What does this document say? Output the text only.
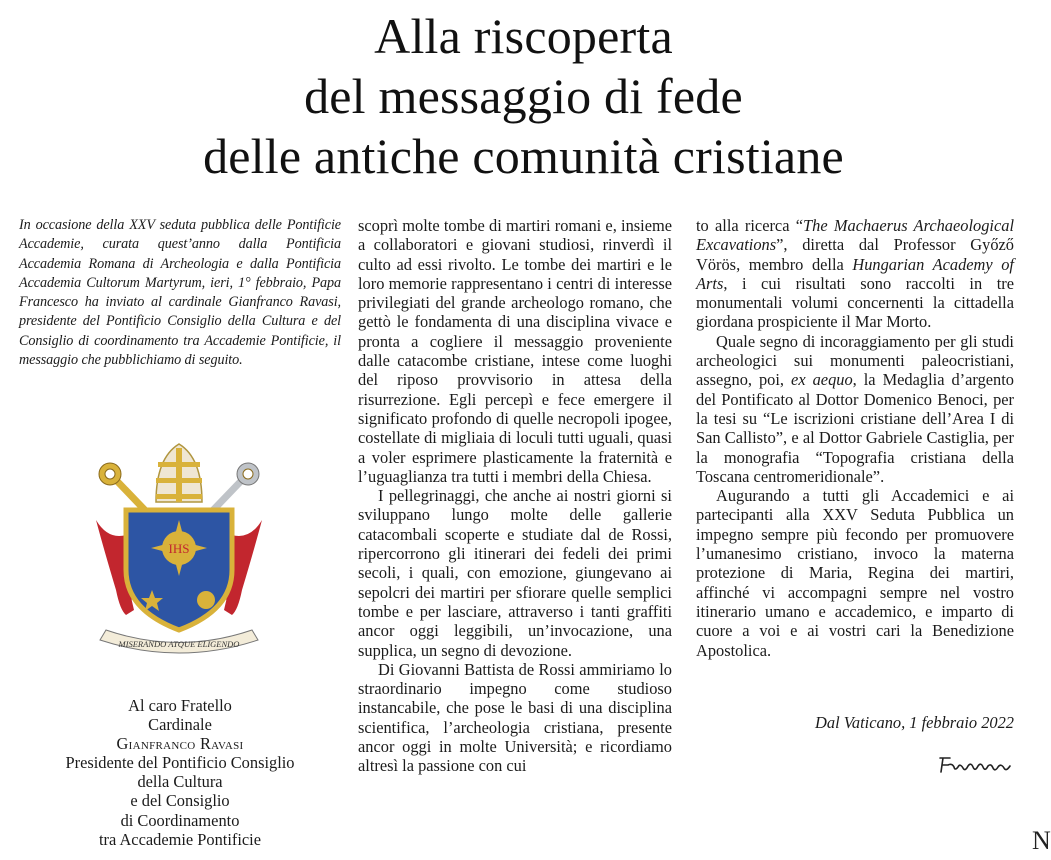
Alla riscoperta
del messaggio di fede
delle antiche comunità cristiane

In occasione della XXV seduta pubblica delle Pontificie Accademie, curata quest’anno dalla Pontificia Accademia Romana di Archeologia e dalla Pontificia Accademia Cultorum Martyrum, ieri, 1° febbraio, Papa Francesco ha inviato al cardinale Gianfranco Ravasi, presidente del Pontificio Consiglio della Cultura e del Consiglio di coordinamento tra Accademie Pontificie, il messaggio che pubblichiamo di seguito.

IHS
MISERANDO ATQUE ELIGENDO
Al caro Fratello
Cardinale
Gianfranco Ravasi
Presidente del Pontificio Consiglio
della Cultura
e del Consiglio
di Coordinamento
tra Accademie Pontificie

scoprì molte tombe di martiri romani e, insieme a collaboratori e giovani studiosi, rinverdì il culto ad essi rivolto. Le tombe dei martiri e le loro memorie rappresentano i centri di interesse privilegiati del grande archeologo romano, che gettò le fondamenta di una disciplina vivace e pronta a cogliere il messaggio proveniente dalle catacombe cristiane, intese come luoghi del riposo provvisorio in attesa della risurrezione. Egli percepì e fece emergere il significato profondo di quelle necropoli ipogee, costellate di migliaia di loculi tutti uguali, quasi a voler esprimere plasticamente la fraternità e l’uguaglianza tra tutti i membri della Chiesa.

I pellegrinaggi, che anche ai nostri giorni si sviluppano lungo molte delle gallerie catacombali scoperte e studiate dal de Rossi, ripercorrono gli itinerari dei fedeli dei primi secoli, i quali, con emozione, giungevano ai sepolcri dei martiri per sfiorare quelle semplici tombe e per lasciare, attraverso i tanti graffiti ancor oggi leggibili, un’invocazione, una supplica, un segno di devozione.

Di Giovanni Battista de Rossi ammiriamo lo straordinario impegno come studioso instancabile, che pose le basi di una disciplina scientifica, l’archeologia cristiana, presente ancor oggi in molte Università; e ricordiamo altresì la passione con cui

to alla ricerca “The Machaerus Archaeological Excavations”, diretta dal Professor Győző Vörös, membro della Hungarian Academy of Arts, i cui risultati sono raccolti in tre monumentali volumi concernenti la cittadella giordana prospiciente il Mar Morto.

Quale segno di incoraggiamento per gli studi archeologici sui monumenti paleocristiani, assegno, poi, ex aequo, la Medaglia d’argento del Pontificato al Dottor Domenico Benoci, per la tesi su “Le iscrizioni cristiane dell’Area I di San Callisto”, e al Dottor Gabriele Castiglia, per la monografia “Topografia cristiana della Toscana centromeridionale”.

Augurando a tutti gli Accademici e ai partecipanti alla XXV Seduta Pubblica un impegno sempre più fecondo per promuovere l’umanesimo cristiano, invoco la materna protezione di Maria, Regina dei martiri, affinché vi accompagni sempre nel vostro itinerario umano e accademico, e imparto di cuore a voi e ai vostri cari la Benedizione Apostolica.

Dal Vaticano, 1 febbraio 2022
N
